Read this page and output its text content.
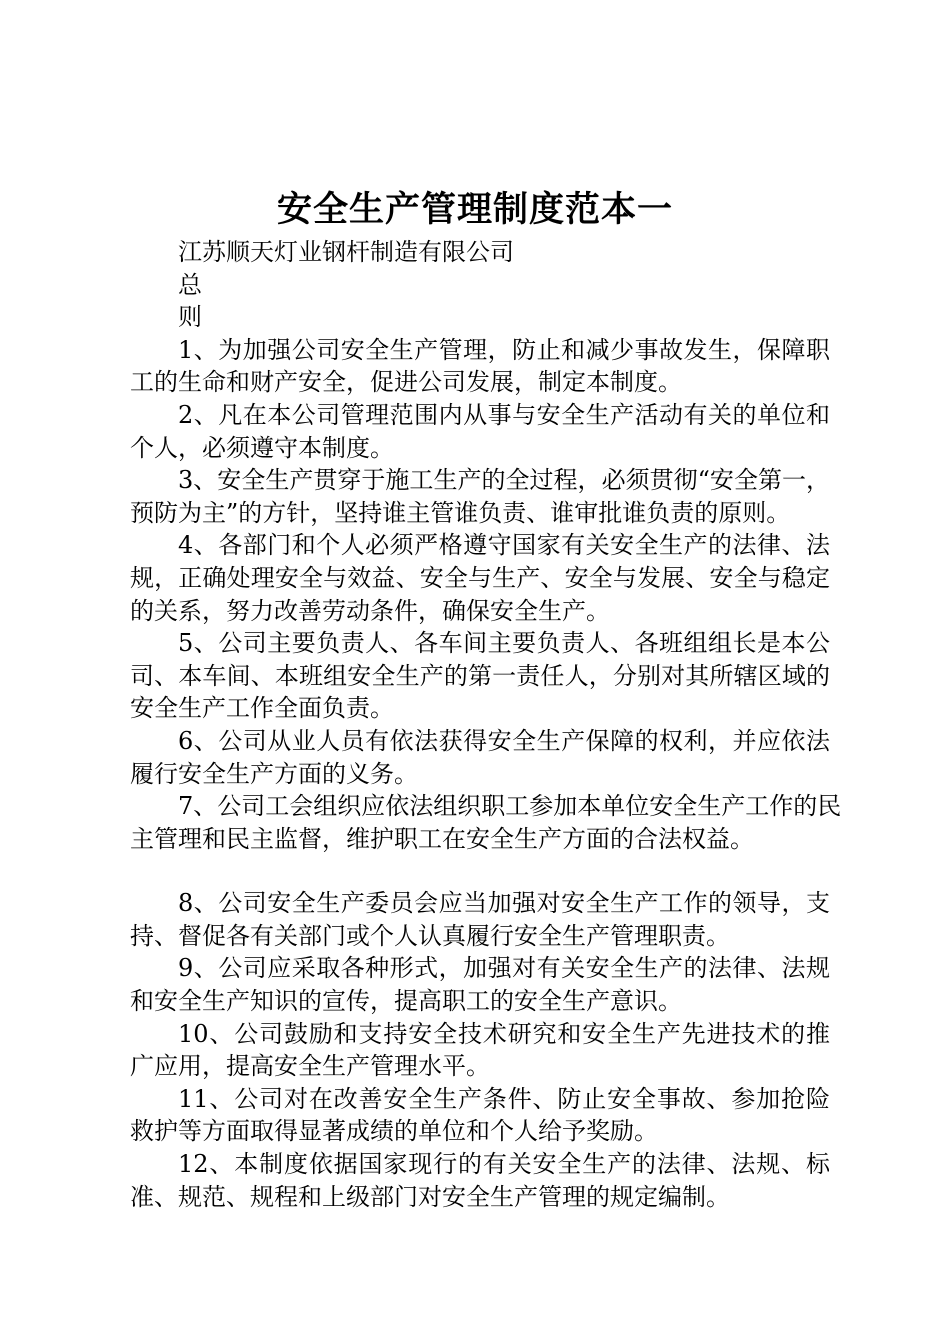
安全生产管理制度范本一

江苏顺天灯业钢杆制造有限公司

总

则

1、为加强公司安全生产管理，防止和减少事故发生，保障职工的生命和财产安全，促进公司发展，制定本制度。

2、凡在本公司管理范围内从事与安全生产活动有关的单位和个人，必须遵守本制度。

3、安全生产贯穿于施工生产的全过程，必须贯彻“安全第一，预防为主”的方针，坚持谁主管谁负责、谁审批谁负责的原则。

4、各部门和个人必须严格遵守国家有关安全生产的法律、法规，正确处理安全与效益、安全与生产、安全与发展、安全与稳定的关系，努力改善劳动条件，确保安全生产。

5、公司主要负责人、各车间主要负责人、各班组组长是本公司、本车间、本班组安全生产的第一责任人，分别对其所辖区域的安全生产工作全面负责。

6、公司从业人员有依法获得安全生产保障的权利，并应依法履行安全生产方面的义务。

7、公司工会组织应依法组织职工参加本单位安全生产工作的民主管理和民主监督，维护职工在安全生产方面的合法权益。

8、公司安全生产委员会应当加强对安全生产工作的领导，支持、督促各有关部门或个人认真履行安全生产管理职责。

9、公司应采取各种形式，加强对有关安全生产的法律、法规和安全生产知识的宣传，提高职工的安全生产意识。

10、公司鼓励和支持安全技术研究和安全生产先进技术的推广应用，提高安全生产管理水平。

11、公司对在改善安全生产条件、防止安全事故、参加抢险救护等方面取得显著成绩的单位和个人给予奖励。

12、本制度依据国家现行的有关安全生产的法律、法规、标准、规范、规程和上级部门对安全生产管理的规定编制。
